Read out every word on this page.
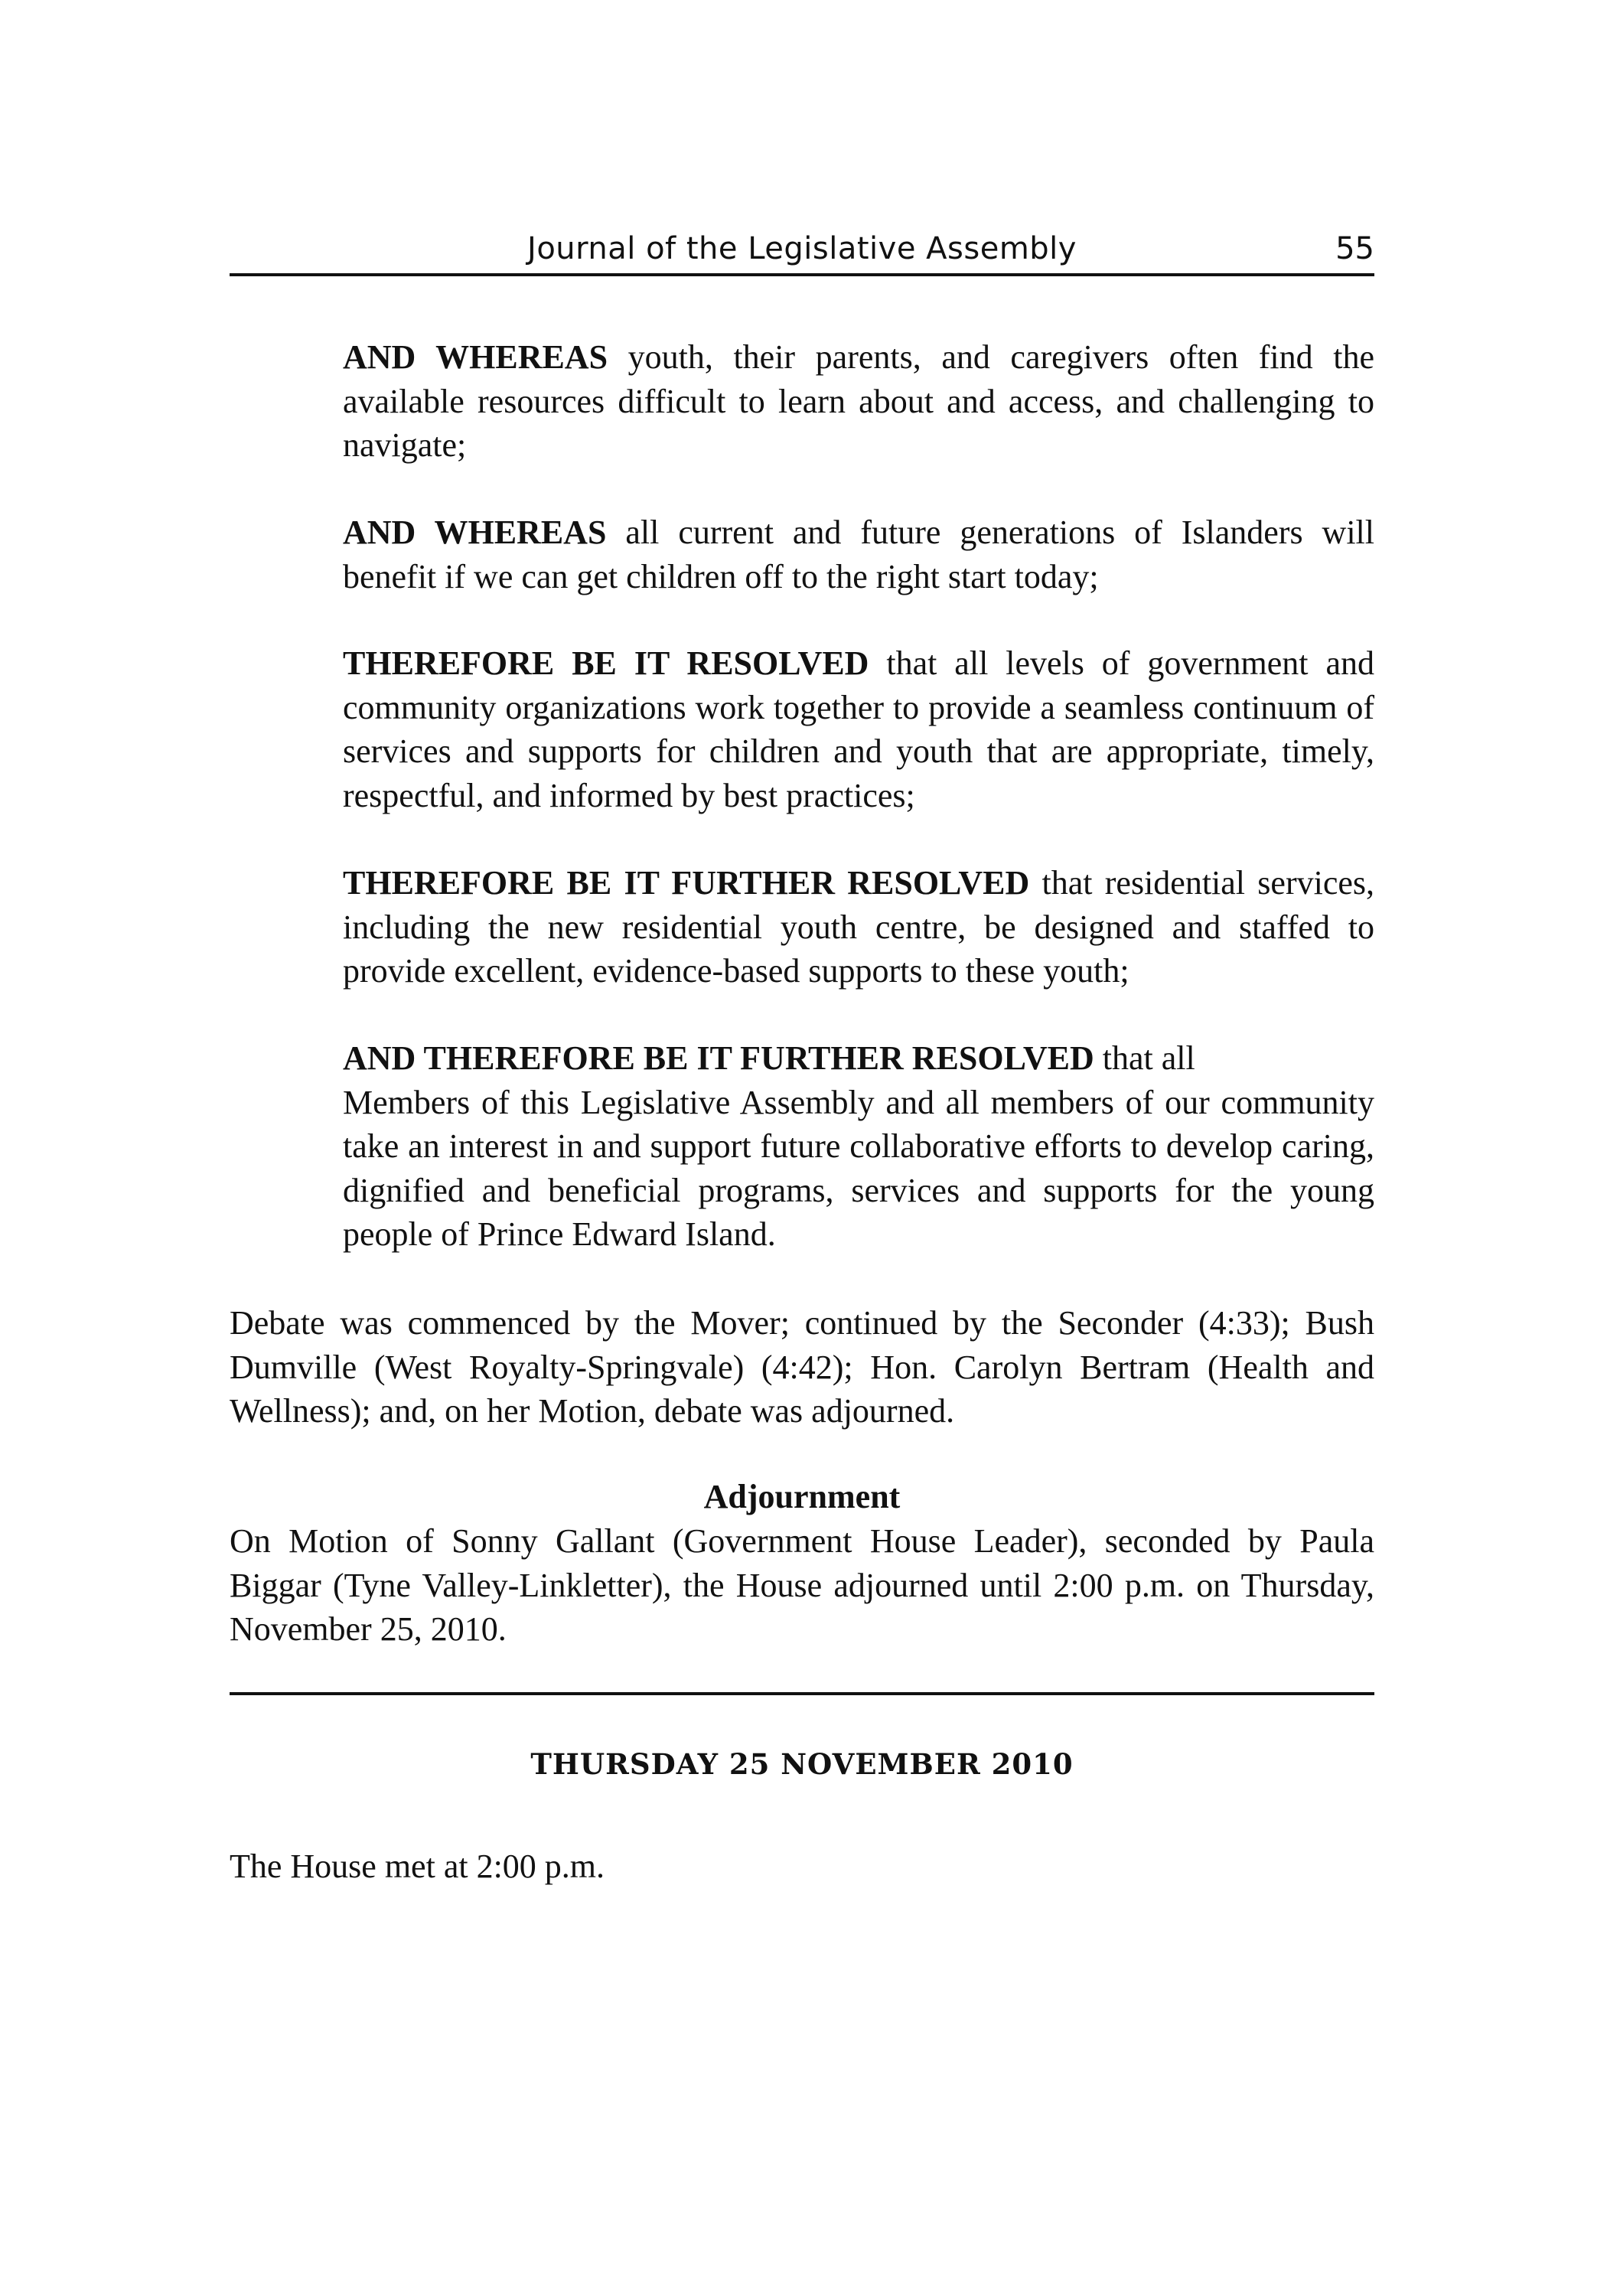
Journal of the Legislative Assembly	55

AND WHEREAS youth, their parents, and caregivers often find the available resources difficult to learn about and access, and challenging to navigate;

AND WHEREAS all current and future generations of Islanders will benefit if we can get children off to the right start today;

THEREFORE BE IT RESOLVED that all levels of government and community organizations work together to provide a seamless continuum of services and supports for children and youth that are appropriate, timely, respectful, and informed by best practices;

THEREFORE BE IT FURTHER RESOLVED that residential services, including the new residential youth centre, be designed and staffed to provide excellent, evidence-based supports to these youth;

AND THEREFORE BE IT FURTHER RESOLVED that all
Members of this Legislative Assembly and all members of our community take an interest in and support future collaborative efforts to develop caring, dignified and beneficial programs, services and supports for the young people of Prince Edward Island.

Debate was commenced by the Mover; continued by the Seconder (4:33); Bush Dumville (West Royalty-Springvale) (4:42); Hon. Carolyn Bertram (Health and Wellness); and, on her Motion, debate was adjourned.

Adjournment

On Motion of Sonny Gallant (Government House Leader), seconded by Paula Biggar (Tyne Valley-Linkletter), the House adjourned until 2:00 p.m. on Thursday, November 25, 2010.

THURSDAY 25 NOVEMBER 2010

The House met at 2:00 p.m.
